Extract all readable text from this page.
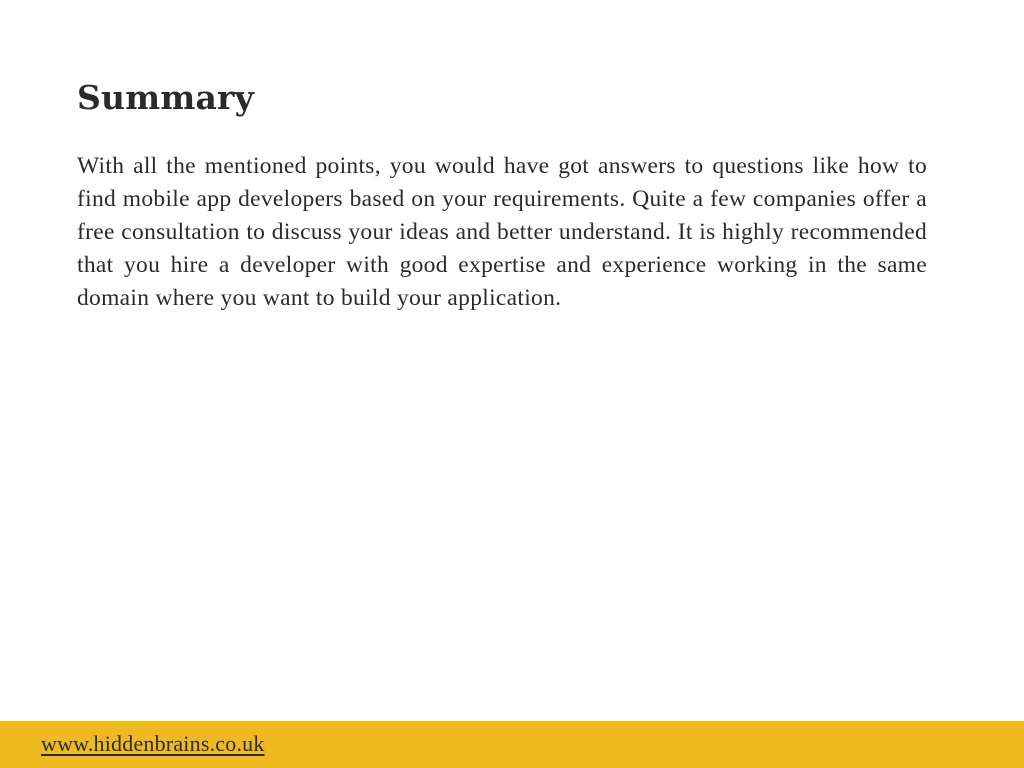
Summary

With all the mentioned points, you would have got answers to questions like how to find mobile app developers based on your requirements. Quite a few companies offer a free consultation to discuss your ideas and better understand. It is highly recommended that you hire a developer with good expertise and experience working in the same domain where you want to build your application.

www.hiddenbrains.co.uk
